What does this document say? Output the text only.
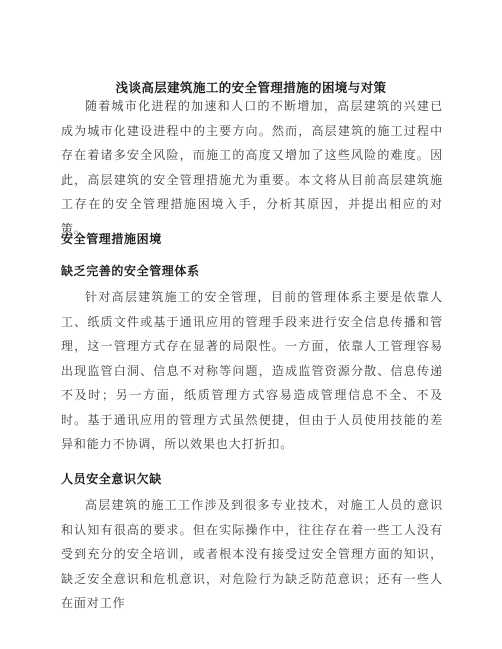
浅谈高层建筑施工的安全管理措施的困境与对策

随着城市化进程的加速和人口的不断增加，高层建筑的兴建已成为城市化建设进程中的主要方向。然而，高层建筑的施工过程中存在着诸多安全风险，而施工的高度又增加了这些风险的难度。因此，高层建筑的安全管理措施尤为重要。本文将从目前高层建筑施工存在的安全管理措施困境入手，分析其原因，并提出相应的对策。

安全管理措施困境
缺乏完善的安全管理体系

针对高层建筑施工的安全管理，目前的管理体系主要是依靠人工、纸质文件或基于通讯应用的管理手段来进行安全信息传播和管理，这一管理方式存在显著的局限性。一方面，依靠人工管理容易出现监管白洞、信息不对称等问题，造成监管资源分散、信息传递不及时；另一方面，纸质管理方式容易造成管理信息不全、不及时。基于通讯应用的管理方式虽然便捷，但由于人员使用技能的差异和能力不协调，所以效果也大打折扣。

人员安全意识欠缺

高层建筑的施工工作涉及到很多专业技术，对施工人员的意识和认知有很高的要求。但在实际操作中，往往存在着一些工人没有受到充分的安全培训，或者根本没有接受过安全管理方面的知识，缺乏安全意识和危机意识，对危险行为缺乏防范意识；还有一些人在面对工作
